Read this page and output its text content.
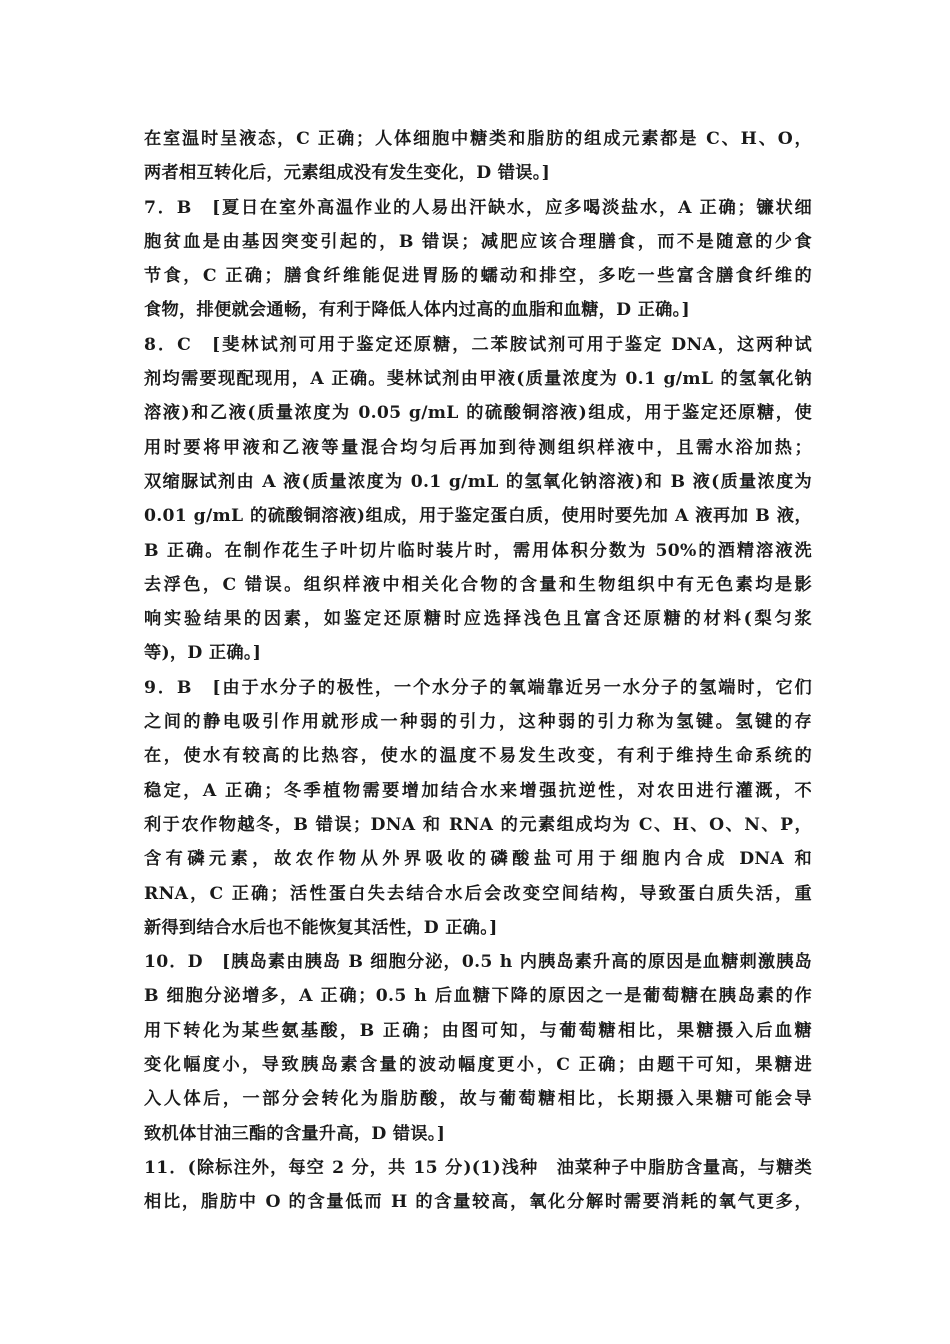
在室温时呈液态，C 正确；人体细胞中糖类和脂肪的组成元素都是 C、H、O，
两者相互转化后，元素组成没有发生变化，D 错误。]
7．B　[夏日在室外高温作业的人易出汗缺水，应多喝淡盐水，A 正确；镰状细
胞贫血是由基因突变引起的，B 错误；减肥应该合理膳食，而不是随意的少食
节食，C 正确；膳食纤维能促进胃肠的蠕动和排空，多吃一些富含膳食纤维的
食物，排便就会通畅，有利于降低人体内过高的血脂和血糖，D 正确。]
8．C　[斐林试剂可用于鉴定还原糖，二苯胺试剂可用于鉴定 DNA，这两种试
剂均需要现配现用，A 正确。斐林试剂由甲液(质量浓度为 0.1 g/mL 的氢氧化钠
溶液)和乙液(质量浓度为 0.05 g/mL 的硫酸铜溶液)组成，用于鉴定还原糖，使
用时要将甲液和乙液等量混合均匀后再加到待测组织样液中，且需水浴加热；
双缩脲试剂由 A 液(质量浓度为 0.1 g/mL 的氢氧化钠溶液)和 B 液(质量浓度为
0.01 g/mL 的硫酸铜溶液)组成，用于鉴定蛋白质，使用时要先加 A 液再加 B 液，
B 正确。在制作花生子叶切片临时装片时，需用体积分数为 50%的酒精溶液洗
去浮色，C 错误。组织样液中相关化合物的含量和生物组织中有无色素均是影
响实验结果的因素，如鉴定还原糖时应选择浅色且富含还原糖的材料(梨匀浆
等)，D 正确。]
9．B　[由于水分子的极性，一个水分子的氧端靠近另一水分子的氢端时，它们
之间的静电吸引作用就形成一种弱的引力，这种弱的引力称为氢键。氢键的存
在，使水有较高的比热容，使水的温度不易发生改变，有利于维持生命系统的
稳定，A 正确；冬季植物需要增加结合水来增强抗逆性，对农田进行灌溉，不
利于农作物越冬，B 错误；DNA 和 RNA 的元素组成均为 C、H、O、N、P，
含有磷元素，故农作物从外界吸收的磷酸盐可用于细胞内合成 DNA 和
RNA，C 正确；活性蛋白失去结合水后会改变空间结构，导致蛋白质失活，重
新得到结合水后也不能恢复其活性，D 正确。]
10．D　[胰岛素由胰岛 B 细胞分泌，0.5 h 内胰岛素升高的原因是血糖刺激胰岛
B 细胞分泌增多，A 正确；0.5 h 后血糖下降的原因之一是葡萄糖在胰岛素的作
用下转化为某些氨基酸，B 正确；由图可知，与葡萄糖相比，果糖摄入后血糖
变化幅度小，导致胰岛素含量的波动幅度更小，C 正确；由题干可知，果糖进
入人体后，一部分会转化为脂肪酸，故与葡萄糖相比，长期摄入果糖可能会导
致机体甘油三酯的含量升高，D 错误。]
11．(除标注外，每空 2 分，共 15 分)(1)浅种　油菜种子中脂肪含量高，与糖类
相比，脂肪中 O 的含量低而 H 的含量较高，氧化分解时需要消耗的氧气更多，
